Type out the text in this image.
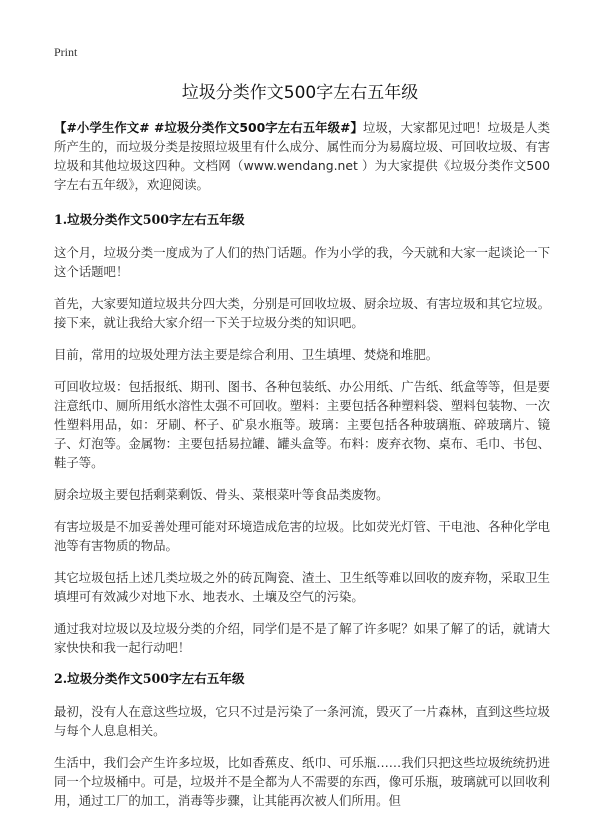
Print
垃圾分类作文500字左右五年级

【#小学生作文# #垃圾分类作文500字左右五年级#】垃圾，大家都见过吧！垃圾是人类所产生的，而垃圾分类是按照垃圾里有什么成分、属性而分为易腐垃圾、可回收垃圾、有害垃圾和其他垃圾这四种。文档网（www.wendang.net ）为大家提供《垃圾分类作文500字左右五年级》，欢迎阅读。

1.垃圾分类作文500字左右五年级

这个月，垃圾分类一度成为了人们的热门话题。作为小学的我，今天就和大家一起谈论一下这个话题吧！

首先，大家要知道垃圾共分四大类，分别是可回收垃圾、厨余垃圾、有害垃圾和其它垃圾。接下来，就让我给大家介绍一下关于垃圾分类的知识吧。

目前，常用的垃圾处理方法主要是综合利用、卫生填埋、焚烧和堆肥。

可回收垃圾：包括报纸、期刊、图书、各种包装纸、办公用纸、广告纸、纸盒等等，但是要注意纸巾、厕所用纸水溶性太强不可回收。塑料：主要包括各种塑料袋、塑料包装物、一次性塑料用品，如：牙刷、杯子、矿泉水瓶等。玻璃：主要包括各种玻璃瓶、碎玻璃片、镜子、灯泡等。金属物：主要包括易拉罐、罐头盒等。布料：废弃衣物、桌布、毛巾、书包、鞋子等。

厨余垃圾主要包括剩菜剩饭、骨头、菜根菜叶等食品类废物。

有害垃圾是不加妥善处理可能对环境造成危害的垃圾。比如荧光灯管、干电池、各种化学电池等有害物质的物品。

其它垃圾包括上述几类垃圾之外的砖瓦陶瓷、渣土、卫生纸等难以回收的废弃物，采取卫生填埋可有效减少对地下水、地表水、土壤及空气的污染。

通过我对垃圾以及垃圾分类的介绍，同学们是不是了解了许多呢？如果了解了的话，就请大家快快和我一起行动吧！

2.垃圾分类作文500字左右五年级

最初，没有人在意这些垃圾，它只不过是污染了一条河流，毁灭了一片森林，直到这些垃圾与每个人息息相关。

生活中，我们会产生许多垃圾，比如香蕉皮、纸巾、可乐瓶……我们只把这些垃圾统统扔进同一个垃圾桶中。可是，垃圾并不是全都为人不需要的东西，像可乐瓶，玻璃就可以回收利用，通过工厂的加工，消毒等步骤，让其能再次被人们所用。但
